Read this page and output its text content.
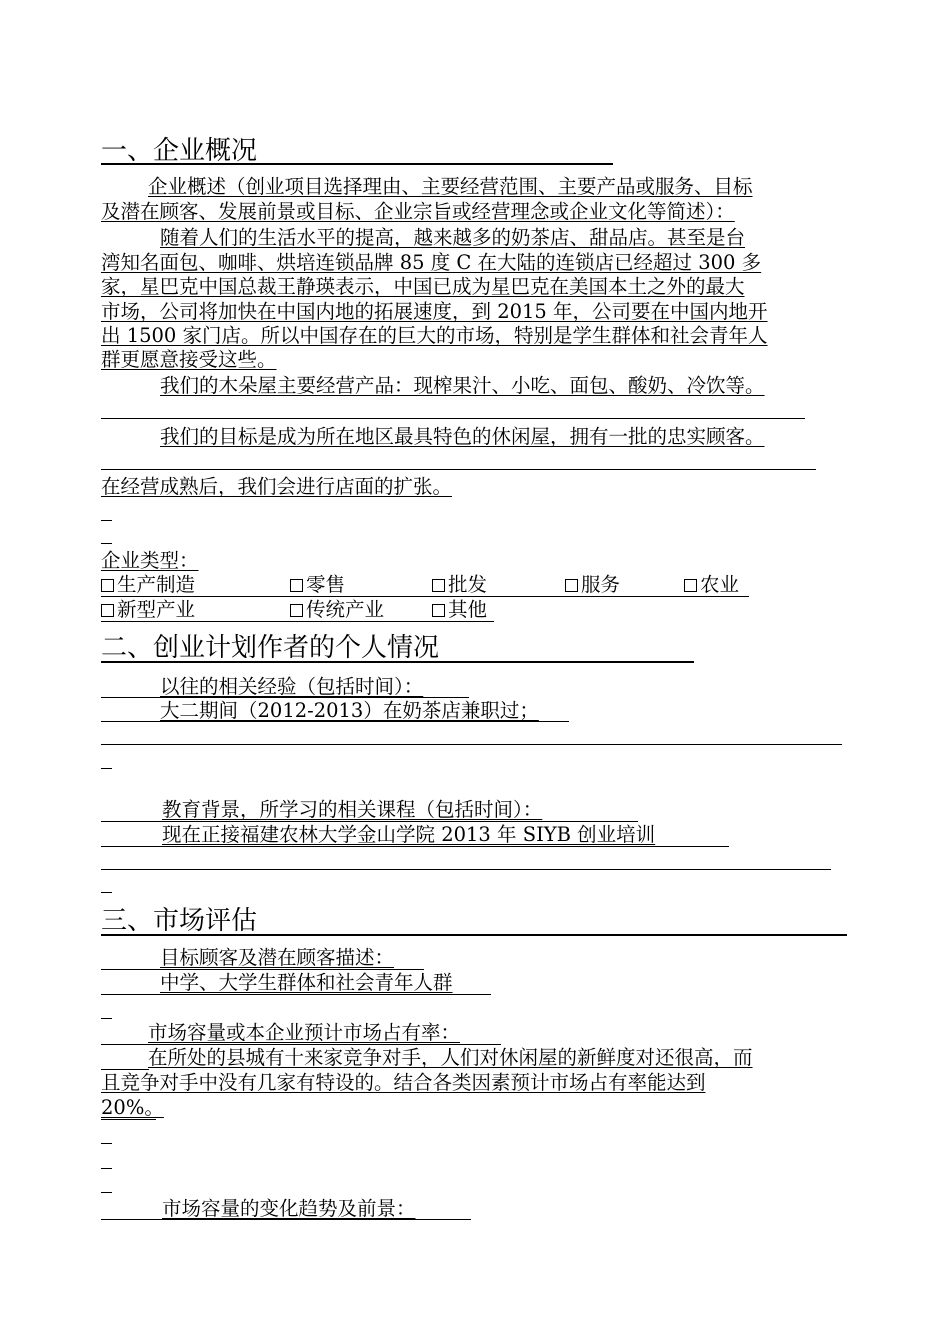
一、企业概况
企业概述（创业项目选择理由、主要经营范围、主要产品或服务、目标
及潜在顾客、发展前景或目标、企业宗旨或经营理念或企业文化等简述）：
随着人们的生活水平的提高，越来越多的奶茶店、甜品店。甚至是台
湾知名面包、咖啡、烘培连锁品牌 85 度 C 在大陆的连锁店已经超过 300 多
家，星巴克中国总裁王静瑛表示，中国已成为星巴克在美国本土之外的最大
市场，公司将加快在中国内地的拓展速度，到 2015 年，公司要在中国内地开
出 1500 家门店。所以中国存在的巨大的市场，特别是学生群体和社会青年人
群更愿意接受这些。
我们的木朵屋主要经营产品：现榨果汁、小吃、面包、酸奶、冷饮等。
我们的目标是成为所在地区最具特色的休闲屋，拥有一批的忠实顾客。
在经营成熟后，我们会进行店面的扩张。
企业类型：
生产制造	零售	批发	服务	农业
新型产业	传统产业	其他
二、创业计划作者的个人情况
以往的相关经验（包括时间）：
大二期间（2012-2013）在奶茶店兼职过；
教育背景，所学习的相关课程（包括时间）：
现在正接福建农林大学金山学院 2013 年 SIYB 创业培训
三、市场评估
目标顾客及潜在顾客描述：
中学、大学生群体和社会青年人群
市场容量或本企业预计市场占有率：
在所处的县城有十来家竞争对手，人们对休闲屋的新鲜度对还很高，而
且竞争对手中没有几家有特设的。结合各类因素预计市场占有率能达到
20%。
市场容量的变化趋势及前景：
